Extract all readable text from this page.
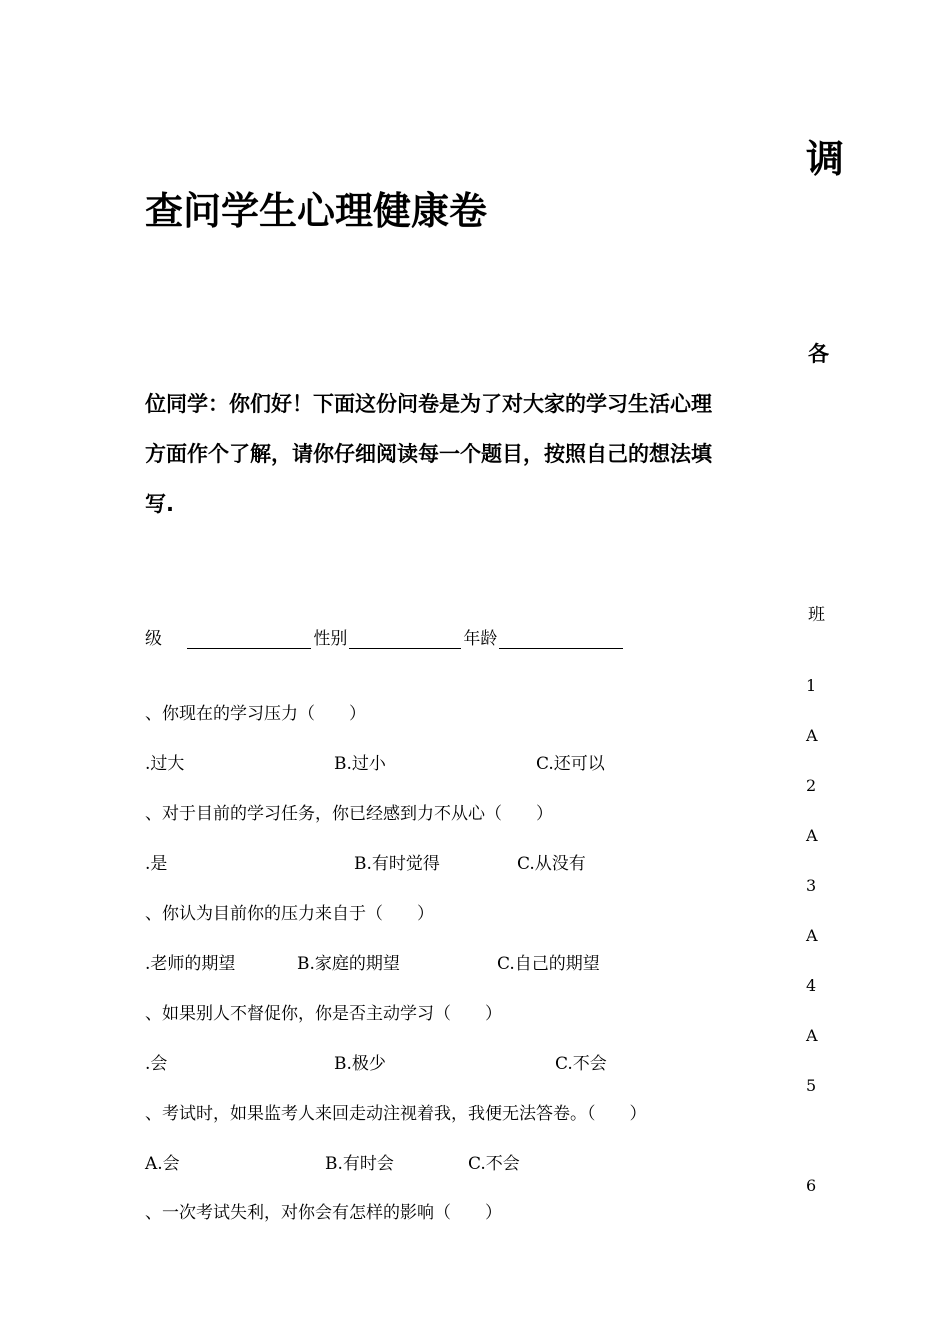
调
查问学生心理健康卷
各
位同学：你们好！下面这份问卷是为了对大家的学习生活心理
方面作个了解，请你仔细阅读每一个题目，按照自己的想法填
写.
班
级	性别	年龄
1
、你现在的学习压力（　　）
A
.过大	B.过小	C.还可以
2
、对于目前的学习任务，你已经感到力不从心（　　）
A
.是	B.有时觉得	C.从没有
3
、你认为目前你的压力来自于（　　）
A
.老师的期望	B.家庭的期望	C.自己的期望
4
、如果别人不督促你，你是否主动学习（　　）
A
.会	B.极少	C.不会
5
、考试时，如果监考人来回走动注视着我，我便无法答卷。（　　）
A.会	B.有时会	C.不会
6
、一次考试失利，对你会有怎样的影响（　　）
